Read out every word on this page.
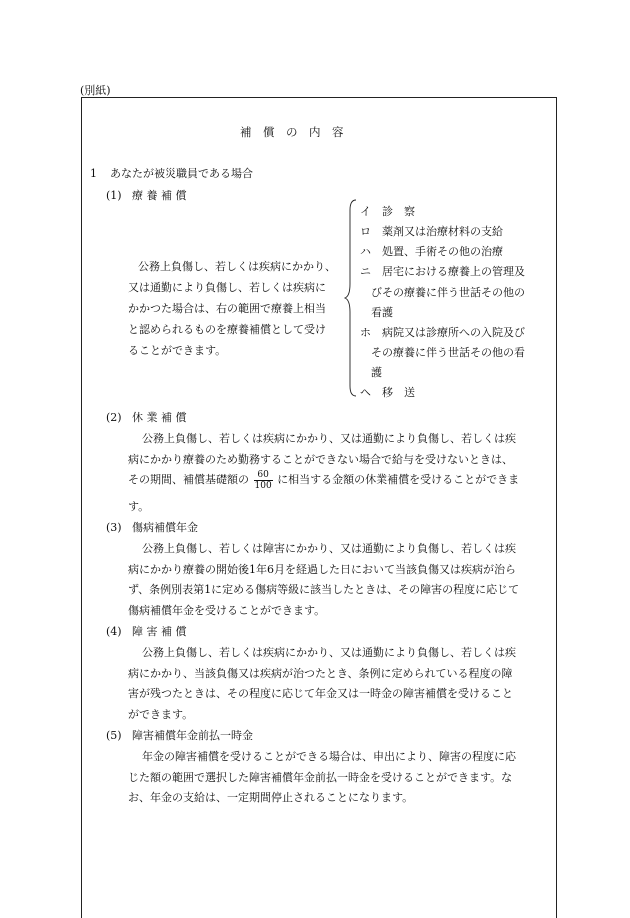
(別紙)
補　償　の　内　容
1 あなたが被災職員である場合
(1) 療 養 補 償
公務上負傷し、若しくは疾病にかかり、
又は通勤により負傷し、若しくは疾病に
かかつた場合は、右の範囲で療養上相当
と認められるものを療養補償として受け
ることができます。
イ　診　察
ロ　薬剤又は治療材料の支給
ハ　処置、手術その他の治療
ニ　居宅における療養上の管理及
　びその療養に伴う世話その他の
　看護
ホ　病院又は診療所への入院及び
　その療養に伴う世話その他の看
　護
ヘ　移　送
(2) 休 業 補 償
公務上負傷し、若しくは疾病にかかり、又は通勤により負傷し、若しくは疾
病にかかり療養のため勤務することができない場合で給与を受けないときは、
その期間、補償基礎額の $\frac{60}{100}$ に相当する金額の休業補償を受けることができま
す。
(3) 傷病補償年金
公務上負傷し、若しくは障害にかかり、又は通勤により負傷し、若しくは疾
病にかかり療養の開始後1年6月を経過した日において当該負傷又は疾病が治ら
ず、条例別表第1に定める傷病等級に該当したときは、その障害の程度に応じて
傷病補償年金を受けることができます。
(4) 障 害 補 償
公務上負傷し、若しくは疾病にかかり、又は通勤により負傷し、若しくは疾
病にかかり、当該負傷又は疾病が治つたとき、条例に定められている程度の障
害が残つたときは、その程度に応じて年金又は一時金の障害補償を受けること
ができます。
(5) 障害補償年金前払一時金
年金の障害補償を受けることができる場合は、申出により、障害の程度に応
じた額の範囲で選択した障害補償年金前払一時金を受けることができます。な
お、年金の支給は、一定期間停止されることになります。
